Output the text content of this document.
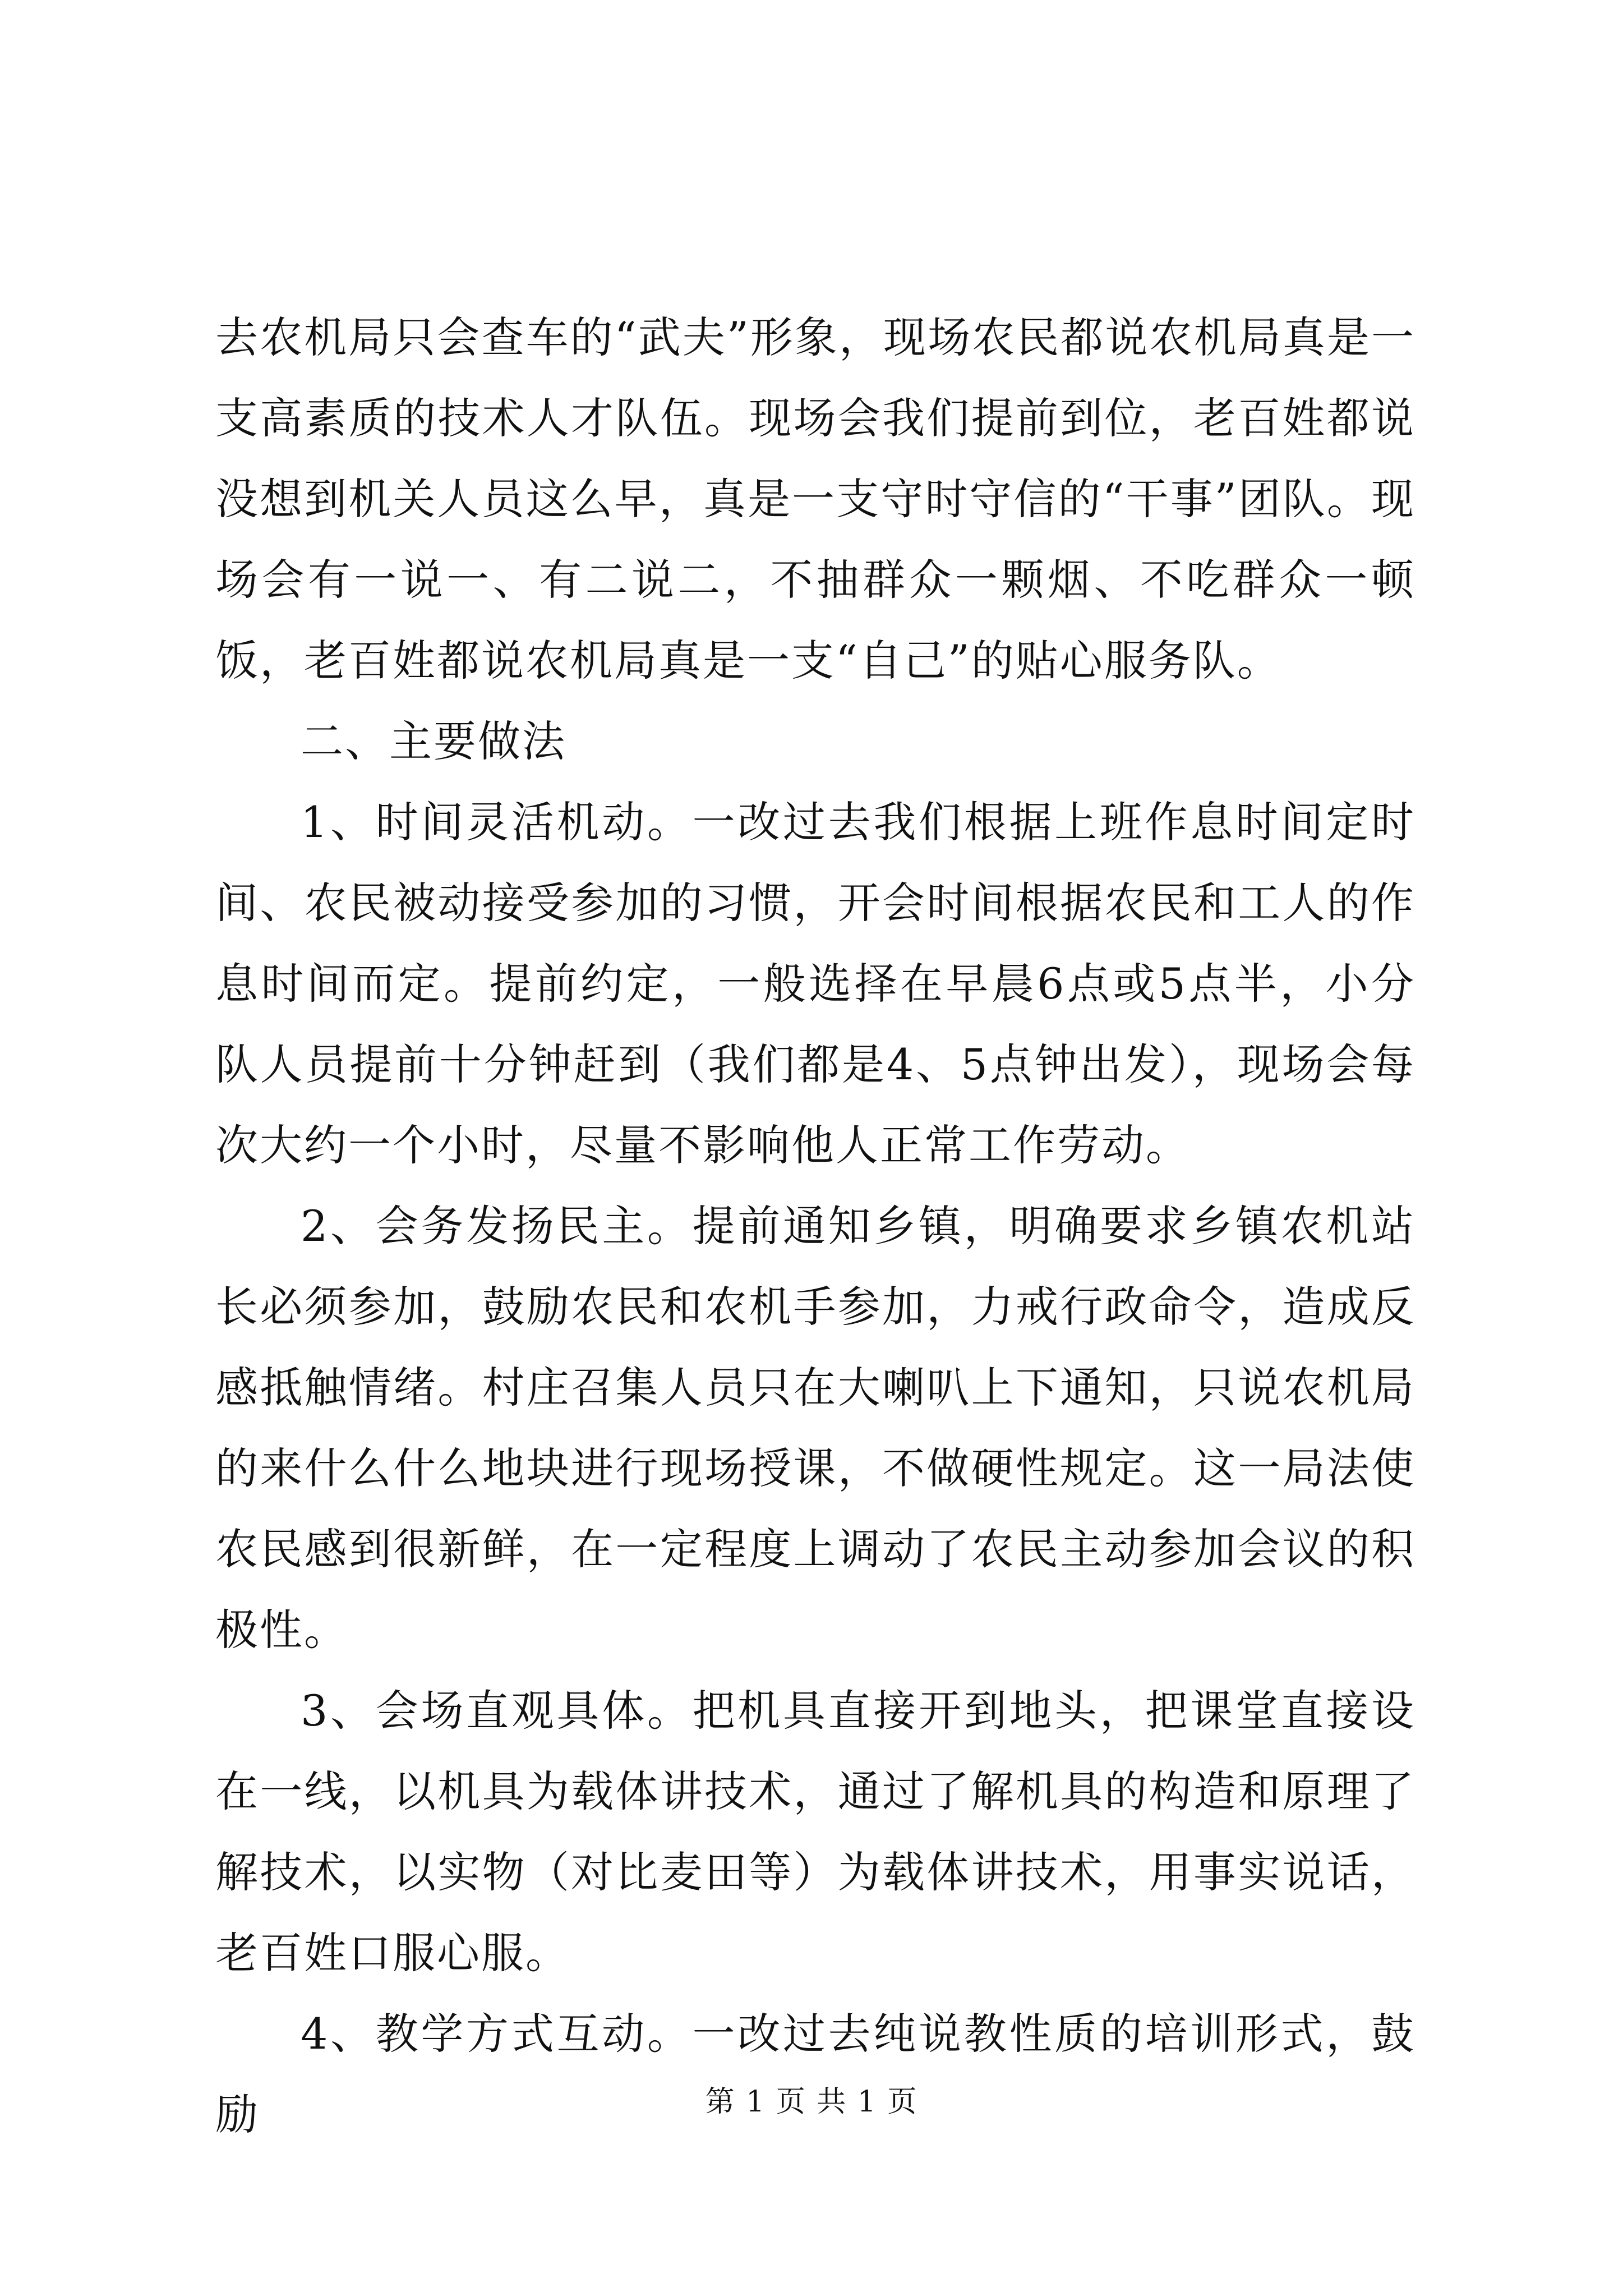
去农机局只会查车的“武夫”形象，现场农民都说农机局真是一支高素质的技术人才队伍。现场会我们提前到位，老百姓都说没想到机关人员这么早，真是一支守时守信的“干事”团队。现场会有一说一、有二说二，不抽群众一颗烟、不吃群众一顿饭，老百姓都说农机局真是一支“自己”的贴心服务队。

二、主要做法

1、时间灵活机动。一改过去我们根据上班作息时间定时间、农民被动接受参加的习惯，开会时间根据农民和工人的作息时间而定。提前约定，一般选择在早晨6点或5点半，小分队人员提前十分钟赶到（我们都是4、5点钟出发），现场会每次大约一个小时，尽量不影响他人正常工作劳动。

2、会务发扬民主。提前通知乡镇，明确要求乡镇农机站长必须参加，鼓励农民和农机手参加，力戒行政命令，造成反感抵触情绪。村庄召集人员只在大喇叭上下通知，只说农机局的来什么什么地块进行现场授课，不做硬性规定。这一局法使农民感到很新鲜，在一定程度上调动了农民主动参加会议的积极性。

3、会场直观具体。把机具直接开到地头，把课堂直接设在一线，以机具为载体讲技术，通过了解机具的构造和原理了解技术，以实物（对比麦田等）为载体讲技术，用事实说话，老百姓口服心服。

4、教学方式互动。一改过去纯说教性质的培训形式，鼓励	第 1 页 共 1 页
